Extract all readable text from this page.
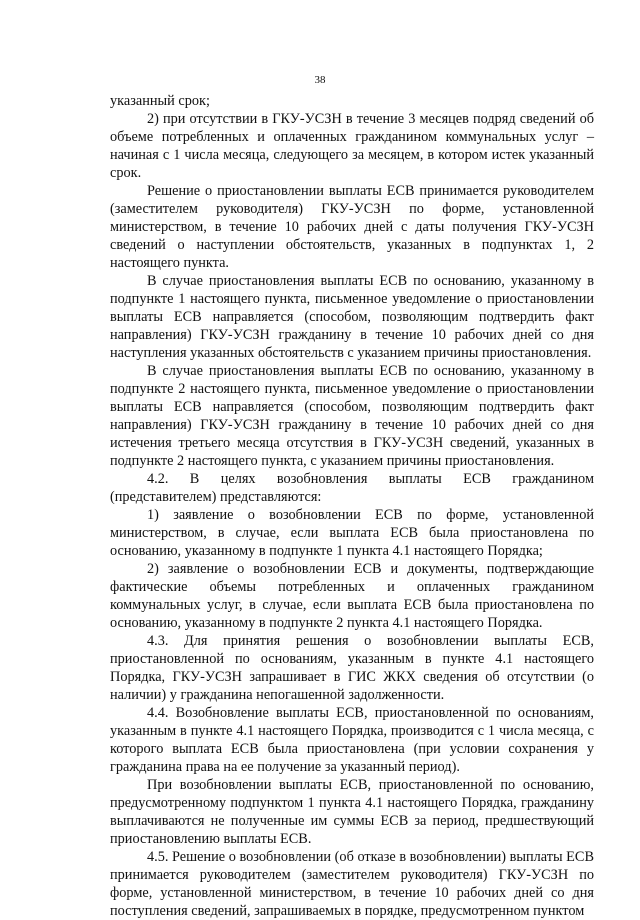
38

указанный срок;

2) при отсутствии в ГКУ-УСЗН в течение 3 месяцев подряд сведений об объеме потребленных и оплаченных гражданином коммунальных услуг – начиная с 1 числа месяца, следующего за месяцем, в котором истек указанный срок.

Решение о приостановлении выплаты ЕСВ принимается руководителем (заместителем руководителя) ГКУ-УСЗН по форме, установленной министерством, в течение 10 рабочих дней с даты получения ГКУ-УСЗН сведений о наступлении обстоятельств, указанных в подпунктах 1, 2 настоящего пункта.

В случае приостановления выплаты ЕСВ по основанию, указанному в подпункте 1 настоящего пункта, письменное уведомление о приостановлении выплаты ЕСВ направляется (способом, позволяющим подтвердить факт направления) ГКУ-УСЗН гражданину в течение 10 рабочих дней со дня наступления указанных обстоятельств с указанием причины приостановления.

В случае приостановления выплаты ЕСВ по основанию, указанному в подпункте 2 настоящего пункта, письменное уведомление о приостановлении выплаты ЕСВ направляется (способом, позволяющим подтвердить факт направления) ГКУ-УСЗН гражданину в течение 10 рабочих дней со дня истечения третьего месяца отсутствия в ГКУ-УСЗН сведений, указанных в подпункте 2 настоящего пункта, с указанием причины приостановления.

4.2. В целях возобновления выплаты ЕСВ гражданином (представителем) представляются:

1) заявление о возобновлении ЕСВ по форме, установленной министерством, в случае, если выплата ЕСВ была приостановлена по основанию, указанному в подпункте 1 пункта 4.1 настоящего Порядка;

2) заявление о возобновлении ЕСВ и документы, подтверждающие фактические объемы потребленных и оплаченных гражданином коммунальных услуг, в случае, если выплата ЕСВ была приостановлена по основанию, указанному в подпункте 2 пункта 4.1 настоящего Порядка.

4.3. Для принятия решения о возобновлении выплаты ЕСВ, приостановленной по основаниям, указанным в пункте 4.1 настоящего Порядка, ГКУ-УСЗН запрашивает в ГИС ЖКХ сведения об отсутствии (о наличии) у гражданина непогашенной задолженности.

4.4. Возобновление выплаты ЕСВ, приостановленной по основаниям, указанным в пункте 4.1 настоящего Порядка, производится с 1 числа месяца, с которого выплата ЕСВ была приостановлена (при условии сохранения у гражданина права на ее получение за указанный период).

При возобновлении выплаты ЕСВ, приостановленной по основанию, предусмотренному подпунктом 1 пункта 4.1 настоящего Порядка, гражданину выплачиваются не полученные им суммы ЕСВ за период, предшествующий приостановлению выплаты ЕСВ.

4.5. Решение о возобновлении (об отказе в возобновлении) выплаты ЕСВ принимается руководителем (заместителем руководителя) ГКУ-УСЗН по форме, установленной министерством, в течение 10 рабочих дней со дня поступления сведений, запрашиваемых в порядке, предусмотренном пунктом
